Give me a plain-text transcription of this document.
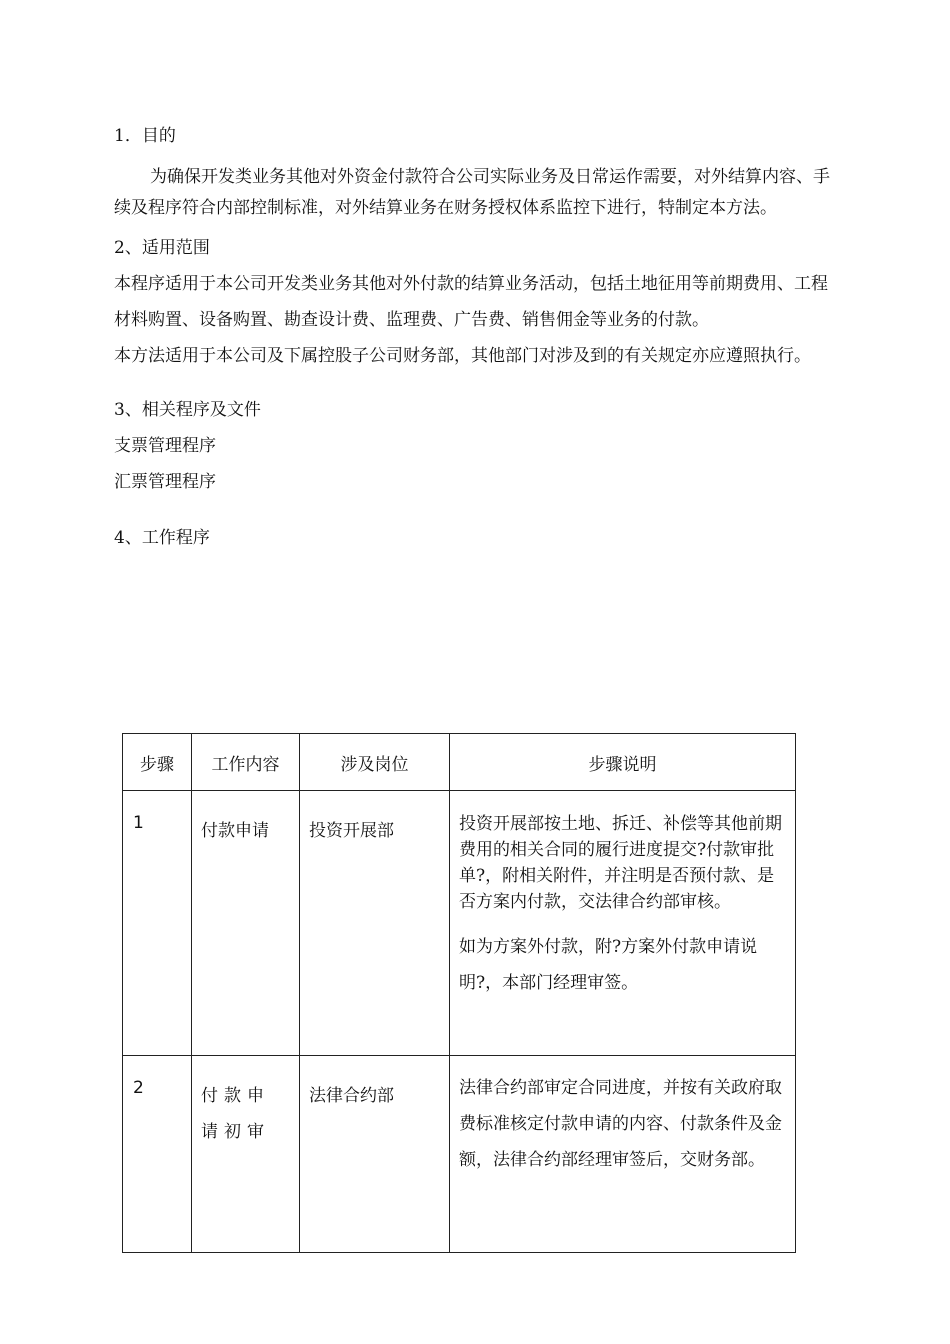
1．目的

为确保开发类业务其他对外资金付款符合公司实际业务及日常运作需要，对外结算内容、手续及程序符合内部控制标准，对外结算业务在财务授权体系监控下进行，特制定本方法。

2、适用范围

本程序适用于本公司开发类业务其他对外付款的结算业务活动，包括土地征用等前期费用、工程材料购置、设备购置、勘查设计费、监理费、广告费、销售佣金等业务的付款。

本方法适用于本公司及下属控股子公司财务部，其他部门对涉及到的有关规定亦应遵照执行。

3、相关程序及文件

支票管理程序

汇票管理程序

4、工作程序

步骤	工作内容	涉及岗位	步骤说明
1	付款申请	投资开展部	投资开展部按土地、拆迁、补偿等其他前期费用的相关合同的履行进度提交?付款审批单?，附相关附件，并注明是否预付款、是否方案内付款，交法律合约部审核。

如为方案外付款，附?方案外付款申请说明?，本部门经理审签。

2	付款申请初审	法律合约部	法律合约部审定合同进度，并按有关政府取费标准核定付款申请的内容、付款条件及金额，法律合约部经理审签后，交财务部。
